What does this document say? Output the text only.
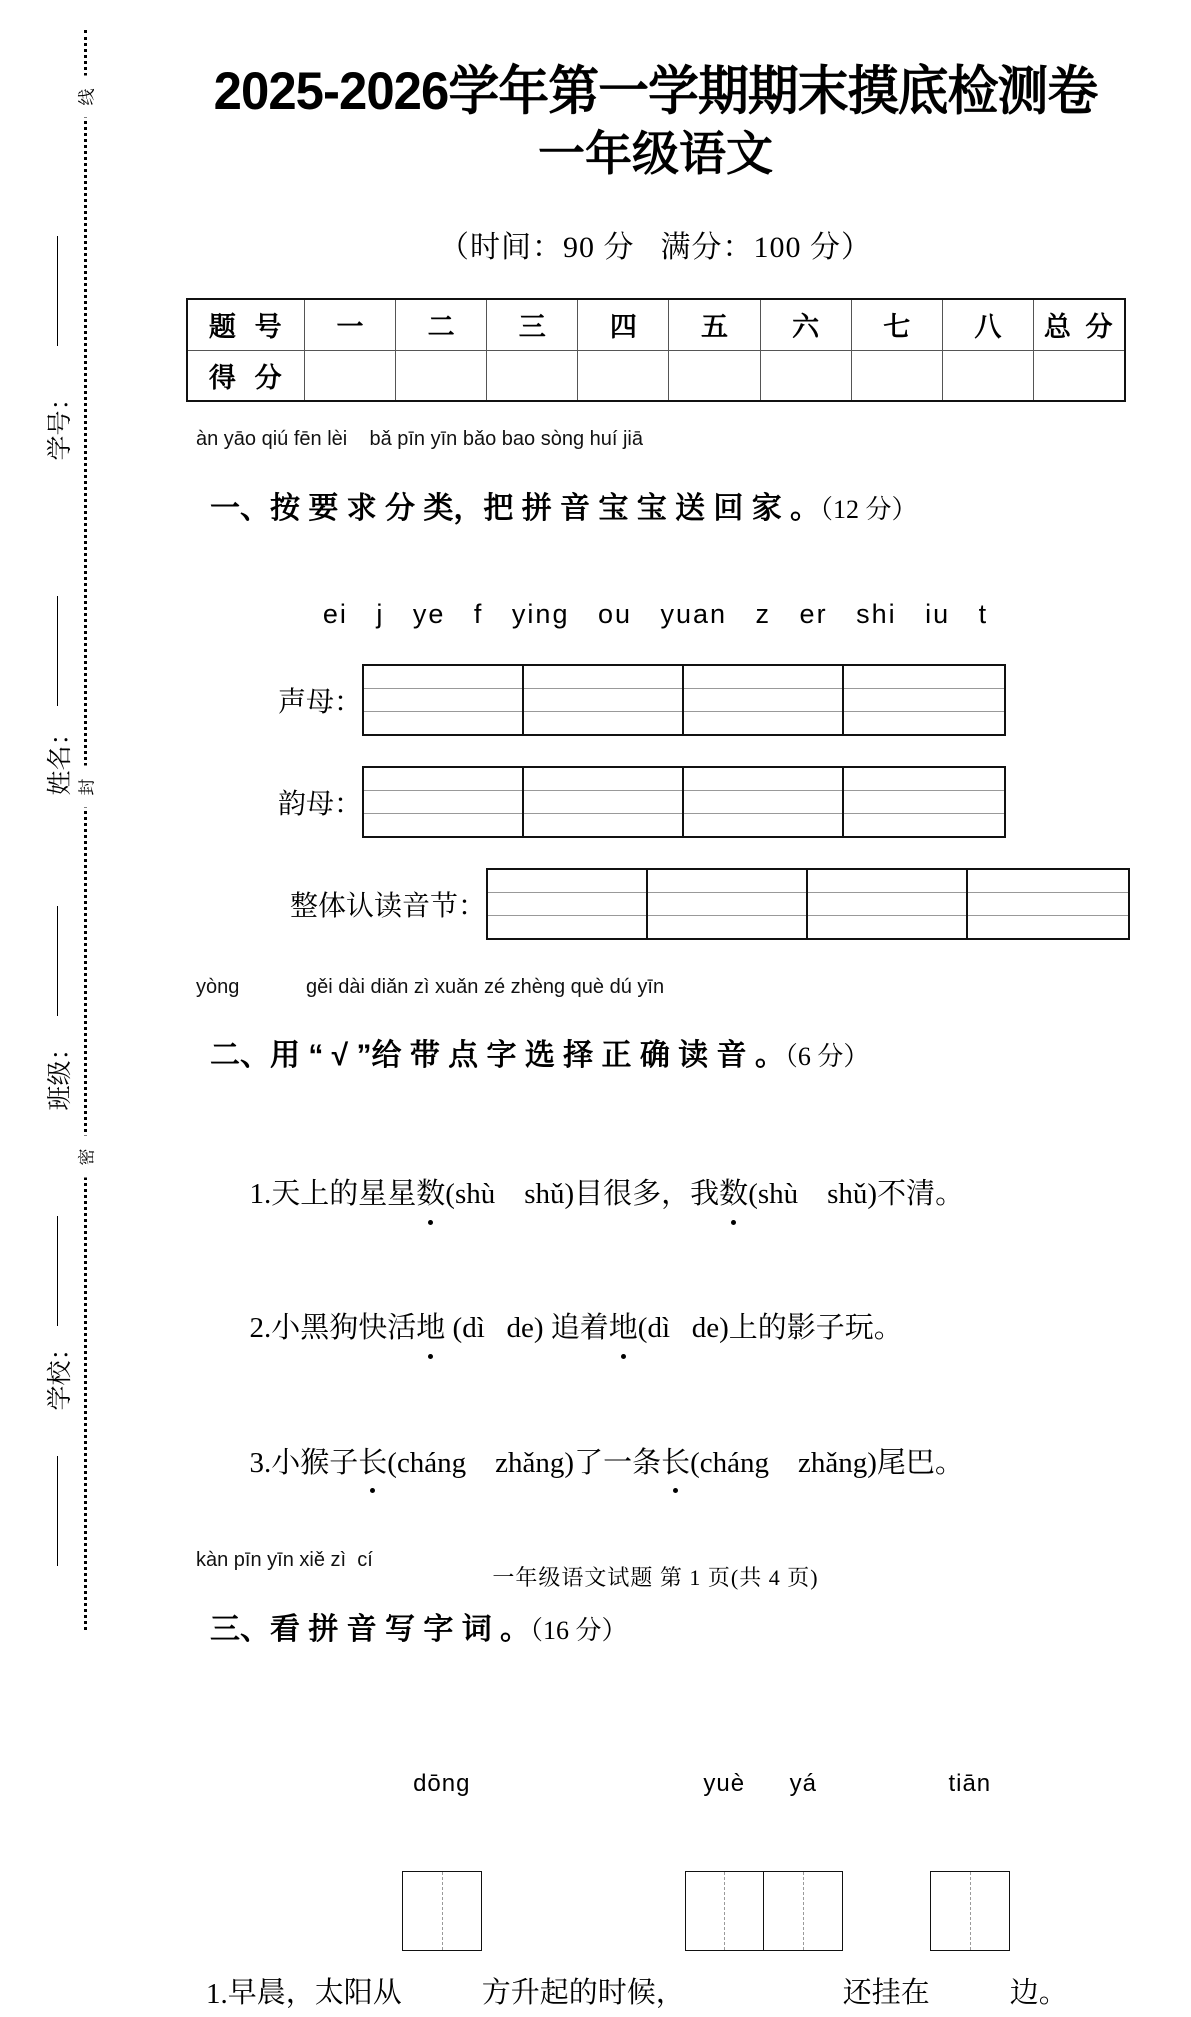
线
封
密
学号：
姓名：
班级：
学校：
2025-2026学年第一学期期末摸底检测卷
一年级语文
（时间：90 分 满分：100 分）
题 号	一	二	三	四	五	六	七	八	总 分
得 分									
àn yāo qiú fēn lèi    bǎ pīn yīn bǎo bao sòng huí jiā

一、按 要 求 分 类，把 拼 音 宝 宝 送 回 家 。（12 分）

ei   j   ye   f   ying   ou   yuan   z   er   shi   iu   t
声母：
韵母：
整体认读音节：
yòng            gěi dài diǎn zì xuǎn zé zhèng què dú yīn

二、用 “ √ ”给 带 点 字 选 择 正 确 读 音 。（6 分）

1.天上的星星数(shù    shǔ)目很多，我数(shù    shǔ)不清。

2.小黑狗快活地 (dì   de) 追着地(dì   de)上的影子玩。

3.小猴子长(cháng    zhǎng)了一条长(cháng    zhǎng)尾巴。

kàn pīn yīn xiě zì  cí

三、看 拼 音 写 字 词 。（16 分）

1. 早晨，太阳从

dōng

方升起的时候，

yuè	yá

还挂在

tiān

边。
一年级语文试题 第 1 页(共 4 页)
